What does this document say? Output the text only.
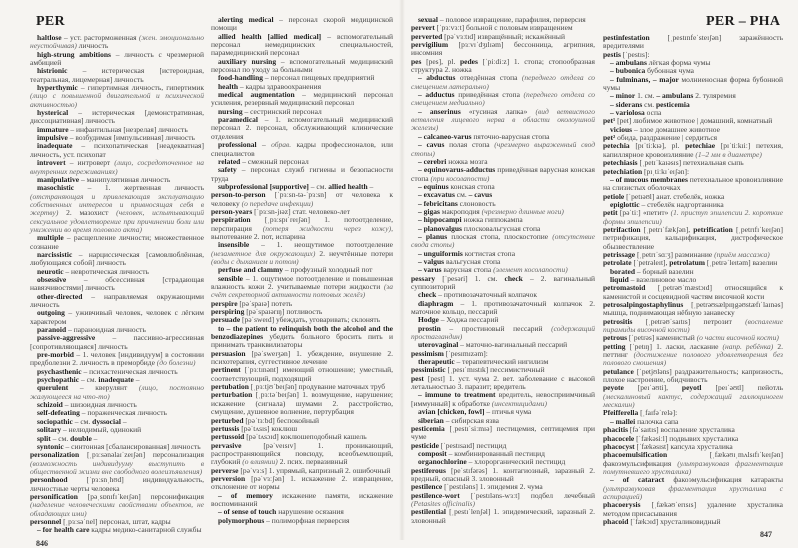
PER	PER – PHA

haltlose – уст. расторможенная (жен. эмоционально неустойчивая) личность

high-strung ambitions – личность с чрезмерной амбицией

histrionic – истерическая [истероидная, театральная, лицемерная] личность

hyperthymic – гипертимная личность, гипертимик (лицо с повышенной двигательной и психической активностью)

hysterical – истерическая [демонстративная, диссоциативная] личность

immature – инфантильная [незрелая] личность

impulsive – возбудимая [импульсивная] личность

inadequate – психопатическая [неадекватная] личность, уст. психопат

introvert – интроверт (лицо, сосредоточенное на внутренних переживаниях)

manipulative – манипулятивная личность

masochistic – 1. жертвенная личность (отстраняющая и привлекающая эксплуатацию собственных интересов и привносящая себя в жертву) 2. мазохист (человек, испытывающий сексуальное удовлетворение при причинении боли или унижении во время полового акта)

multiple – расщепление личности; множественное сознание

narcissistic – нарциссическая [самовлюблённая, любующаяся собой] личность

neurotic – невротическая личность

obsessive – обсессивная [страдающая навязчивостями] личность

other-directed – направляемая окружающими личность

outgoing – уживчивый человек, человек с лёгким характером

paranoid – параноидная личность

passive-aggressive – пассивно-агрессивная [сопротивляющаяся] личность

pre-morbid – 1. человек [индивидуум] в состоянии предболезни 2. личность в преморбиде (до болезни)

psychasthenic – психастеническая личность

psychopathic – см. inadequate –

querulent – кверулянт (лицо, постоянно жалующееся на что-то)

schizoid – шизоидная личность

self-defeating – пораженческая личность

sociopathic – см. dyssocial –

solitary – нелюдимый, одинокий

split – см. double –

syntonic – синтонная [сбалансированная] личность

personalization [ˌpɜːsənəlaɪˈzeɪʃən] персонализация (возможность индивидууму выступить в общественной жизни вне свободного волеизъявления)

personhood [ˈpɜːsnˌhʊd] индивидуальность, личностные черты человека

personification [pəˌsɒnɪfɪˈkeɪʃən] персонификация (наделение человеческими свойствами объектов, не обладающих ими)

personnel [ˌpɜːsəˈnel] персонал, штат, кадры

– for health care кадры медико-санитарной службы

alerting medical – персонал скорой медицинской помощи

allied health [allied medical] – вспомогательный персонал немедицинских специальностей, парамедицинский персонал

auxiliary nursing – вспомогательный медицинский персонал по уходу за больными

food-handling – персонал пищевых предприятий

health – кадры здравоохранения

medical augmentation – медицинский персонал усиления, резервный медицинский персонал

nursing – сестринский персонал

paramedical – 1. вспомогательный медицинский персонал 2. персонал, обслуживающий клинические отделения

professional – обрав. кадры профессионалов, или специалистов

related – смежный персонал

safety – персонал служб гигиены и безопасности труда

subprofessional [supportive] – см. allied health –

person-to-person [ˈpɜːsn-tə-ˈpɜːsn] от человека к человеку (о передаче инфекции)

person-years [ˈpɜːsn-jɪəz] стат. человеко-лет

perspiration [ˌpɜːspɪˈreɪʃən] 1. потоотделение, перспирация (потеря жидкости через кожу), выпотевание 2. пот, испарина

insensible – 1. неощутимое потоотделение (незаметное для окружающих) 2. неучтённые потери (воды с дыханием и потом)

perfuse and clammy – профузный холодный пот

sensible – 1. ощутимое потоотделение и повышенная влажность кожи 2. учитываемые потери жидкости (за счёт секреторной активности потовых желёз)

perspire [pəˈspaɪə] потеть

perspiring [pəˈspaɪərɪŋ] потливость

persuade [pəˈsweɪd] убеждать, уговаривать; склонять

to – the patient to relinquish both the alcohol and the benzodiazepines убедить больного бросить пить и принимать транквилизаторы

persuasion [pəˈsweɪʒən] 1. убеждение, внушение 2. психотерапия, суггестивное лечение

pertinent [ˈpɜːtɪnənt] имеющий отношение; уместный, соответствующий, подходящий

pertubation [ˌpɜːtjʊˈbeɪʃən] продувание маточных труб

perturbation [ˌpɜːtəˈbeɪʃən] 1. возмущение, нарушение; искажение (сигнала) шумами 2. расстройство, смущение, душевное волнение, пертурбация

perturbed [pəˈtɜːbd] беспокойный

pertussis [pəˈtʌsɪs] коклюш

pertussoid [pəˈtʌsɔɪd] коклюшеподобный кашель

pervasive [pəˈveɪsɪv] 1. проникающий, распространяющийся повсюду, всеобъемлющий, глубокий (о влиянии) 2. псих. первазивный

perverse [pəˈvɜːs] 1. упрямый, капризный 2. ошибочный

perversion [pəˈvɜːʃən] 1. искажение 2. извращение, отклонение от нормы

– of memory искажение памяти, искажение воспоминаний

– of sense of touch нарушение осязания

polymorphous – полиморфная перверсия

sexual – половое извращение, парафилия, перверсия

pervert [ˈpɜːvɜːt] больной с половым извращением

perverted [pəˈvɜːtɪd] извращённый; искажённый

pervigilium [pɜːvɪˈdʒɪlɪəm] бессонница, агрипния, инсомния

pes [pes], pl. pedes [ˈpiːdiːz] 1. стопа; стопообразная структура 2. ножка

– abductus отведённая стопа (переднего отдела со смещением латерально)

– adductus приведённая стопа (переднего отдела со смещением медиально)

– anserinus «гусиная лапка» (вид ветвистого ветвления лицевого нерва в области околоушной железы)

– calcaneo-varus пяточно-варусная стопа

– cavus полая стопа (чрезмерно выраженный свод стопы)

– cerebri ножка мозга

– equinovarus-adductus приведённая варусная конская стопа (при косолапости)

– equinus конская стопа

– excavatus см. – cavus

– febricitans слоновость

– gigas макроподия (чрезмерно длинные ноги)

– hippocampi ножка гиппокампа

– planovalgus плосковальгусная стопа

– planus плоская стопа, плоскостопие (отсутствие свода стопы)

– unguiformis когтистая стопа

– valgus вальгусная стопа

– varus варусная стопа (элемент косолапости)

pessary [ˈpesəri] 1. см. check – 2. вагинальный суппозиторий

check – противозачаточный колпачок

diaphragm – 1. противозачаточный колпачок 2. маточное кольцо, пессарий

Hodge – Ходжа пессарий

prostin – простиновый пессарий (содержащий простагландин)

uterovaginal – маточно-вагинальный пессарий

pessimism [ˈpesɪmɪzəm]:

therapeutic – терапевтический нигилизм

pessimistic [ˌpesɪˈmɪstɪk] пессимистичный

pest [pest] 1. уст. чума 2. вет. заболевание с высокой летальностью 3. паразит; вредитель

– immune to treatment вредитель, невосприимчивый [иммунный] к обработке (инсектицидами)

avian [chicken, fowl] – птичья чума

siberian – сибирская язва

pesticemia [ˌpestɪˈsiːmɪə] пестицемия, септицемия при чуме

pesticide [ˈpestɪsaɪd] пестицид

composit – комбинированный пестицид

organochlorine – хлорорганический пестицид

pestiferous [peˈstɪfərəs] 1. контагиозный, заразный 2. вредный, опасный 3. зловонный

pestilence [ˈpestɪləns] 1. эпидемия 2. чума

pestilence-wort [ˈpestɪləns-wɜːt] подбел лечебный (Petasites officinalis)

pestilential [ˌpestɪˈlenʃəl] 1. эпидемический, заразный 2. зловонный

pestinfestation [ˌpestɪnfeˈsteɪʃən] заражённость вредителями

pestis [ˈpestɪs]:

– ambulans лёгкая форма чумы

– bubonica бубонная чума

– fulminans, – major молниеносная форма бубонной чумы

– minor 1. см. – ambulans 2. туляремия

– siderans см. pesticemia

– variolosa оспа

pet¹ [pet] любимое животное | домашний, комнатный

vicious – злое домашнее животное

pet² обида, раздражение | сердиться

petechia [pɪˈtiːkɪə], pl. petechiae [pɪˈtiːkɪiː] петехия, капиллярное кровоизлияние (1–2 мм в диаметре)

petechiasis [ˌpetɪˈkaɪəsɪs] петехиальная сыпь

petechiation [pɪˌtiːkɪˈeɪʃən]:

– of mucous membranes петехиальное кровоизлияние на слизистых оболочках

petiole [ˈpetɪəʊl] анат. стебелёк, ножка

epiglottic – стебелёк надгортанника

petit [pəˈtiː] «петит» (1. приступ эпилепсии 2. короткие формы эпилепсии)

petrifaction [ˌpetrɪˈfækʃən], petrification [ˌpetrɪfɪˈkeɪʃən] петрификация, кальцификация, дистрофическое обызвествление

petrissage [ˌpetrɪˈsɑːʒ] разминание (приём массажа)

petrolate [ˈpetrəleɪt], petrolatum [ˌpetrəˈleɪtəm] вазелин

borated – борный вазелин

liquid – вазелиновое масло

petromastoid [ˌpetrəʊˈmæstɔɪd] относящийся к каменистой и сосцевидной частям височной кости

petrosalpingostaphylinus [ˌpetrəʊsælpɪŋgəʊstæfɪˈlaɪnəs] мышца, поднимающая нёбную занавеску

petrositis [ˌpetrəʊˈsaɪtɪs] петрозит (воспаление пирамиды височной кости)

petrous [ˈpetrəs] каменистый (о части височной кости)

petting [ˈpetɪŋ] 1. ласки, ласкание (напр. ребёнка) 2. петтинг (достижение полового удовлетворения без полового сношения)

petulance [ˈpetjʊləns] раздражительность; капризность, плохое настроение, обидчивость

peyote [peɪˈəʊti], peyotl [peɪˈəʊtl] пейотль (мескалиновый кактус, содержащий галлюциноген мескалин)

Pfeifferella [ˌfaɪfəˈrelə]:

– mallei палочка сапа

phacitis [fəˈsaɪtɪs] воспаление хрусталика

phacocele [ˈfækəsiːl] подвывих хрусталика

phacocyst [ˈfækəsɪst] капсула хрусталика

phacoemulsification [ˌfækəʊɪˌmʌlsɪfɪˈkeɪʃən] факоэмульсификация (ультразвуковая фрагментация помутневшего хрусталика)

– of cataract факоэмульсификация катаракты (ультразвуковая фрагментация хрусталика с аспирацией)

phacoerysis [ˌfækəʊˈerɪsɪs] удаление хрусталика методом присасывания

phacoid [ˈfækɔɪd] хрусталиковидный

846
847
